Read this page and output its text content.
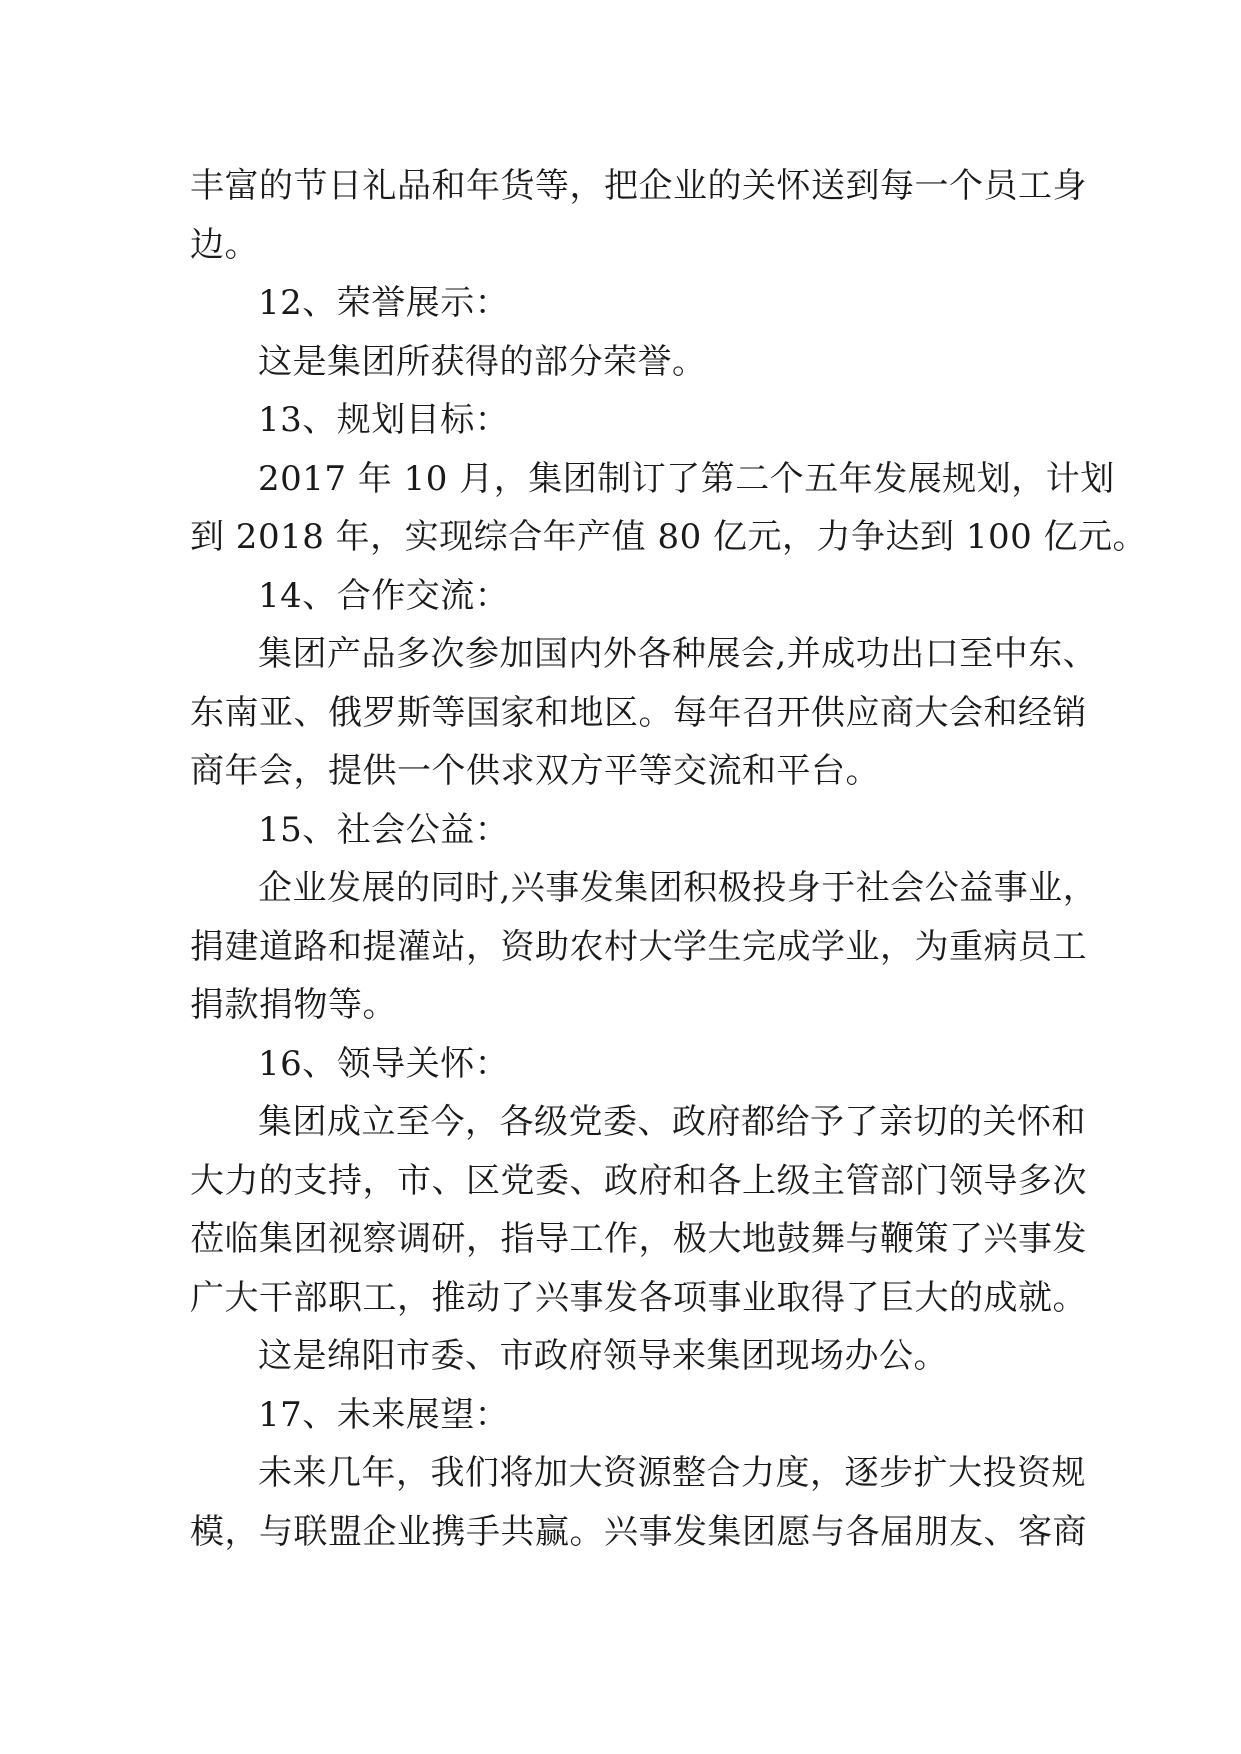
丰富的节日礼品和年货等，把企业的关怀送到每一个员工身
边。
12、荣誉展示：
这是集团所获得的部分荣誉。
13、规划目标：
2017 年 10 月，集团制订了第二个五年发展规划，计划
到 2018 年，实现综合年产值 80 亿元，力争达到 100 亿元。
14、合作交流：
集团产品多次参加国内外各种展会,并成功出口至中东、
东南亚、俄罗斯等国家和地区。每年召开供应商大会和经销
商年会，提供一个供求双方平等交流和平台。
15、社会公益：
企业发展的同时,兴事发集团积极投身于社会公益事业，
捐建道路和提灌站，资助农村大学生完成学业，为重病员工
捐款捐物等。
16、领导关怀：
集团成立至今，各级党委、政府都给予了亲切的关怀和
大力的支持，市、区党委、政府和各上级主管部门领导多次
莅临集团视察调研，指导工作，极大地鼓舞与鞭策了兴事发
广大干部职工，推动了兴事发各项事业取得了巨大的成就。
这是绵阳市委、市政府领导来集团现场办公。
17、未来展望：
未来几年，我们将加大资源整合力度，逐步扩大投资规
模，与联盟企业携手共赢。兴事发集团愿与各届朋友、客商
